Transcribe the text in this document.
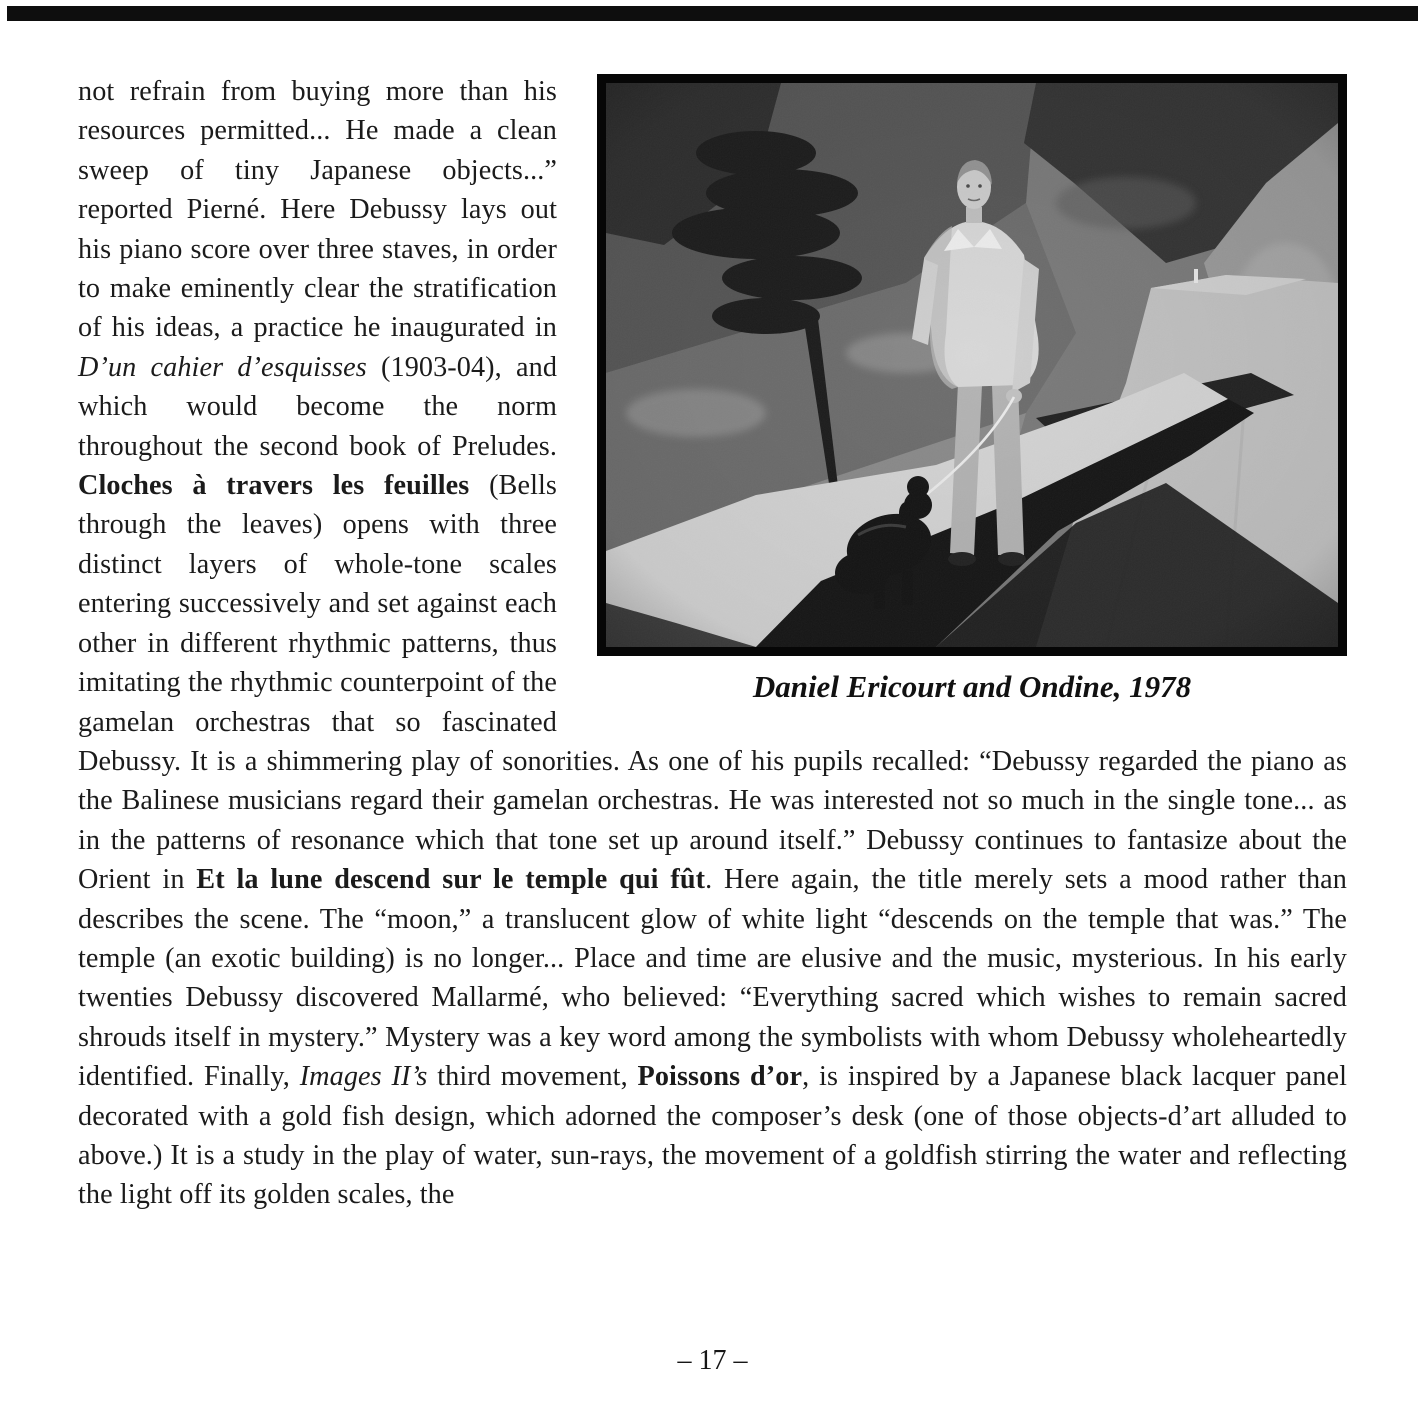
Daniel Ericourt and Ondine, 1978

not refrain from buying more than his resources permitted... He made a clean sweep of tiny Japanese objects...” reported Pierné. Here Debussy lays out his piano score over three staves, in order to make eminently clear the stratification of his ideas, a practice he inaugurated in D’un cahier d’esquisses (1903-04), and which would become the norm throughout the second book of Preludes. Cloches à travers les feuilles (Bells through the leaves) opens with three distinct layers of whole-tone scales entering successively and set against each other in different rhythmic patterns, thus imitating the rhythmic counterpoint of the gamelan orchestras that so fascinated Debussy. It is a shimmering play of sonorities. As one of his pupils recalled: “Debussy regarded the piano as the Balinese musicians regard their gamelan orchestras. He was interested not so much in the single tone... as in the patterns of resonance which that tone set up around itself.” Debussy continues to fantasize about the Orient in Et la lune descend sur le temple qui fût. Here again, the title merely sets a mood rather than describes the scene. The “moon,” a translucent glow of white light “descends on the temple that was.” The temple (an exotic building) is no longer... Place and time are elusive and the music, mysterious. In his early twenties Debussy discovered Mallarmé, who believed: “Everything sacred which wishes to remain sacred shrouds itself in mystery.” Mystery was a key word among the symbolists with whom Debussy wholeheartedly identified. Finally, Images II’s third movement, Poissons d’or, is inspired by a Japanese black lacquer panel decorated with a gold fish design, which adorned the composer’s desk (one of those objects-d’art alluded to above.) It is a study in the play of water, sun-rays, the movement of a goldfish stirring the water and reflecting the light off its golden scales, the

– 17 –
